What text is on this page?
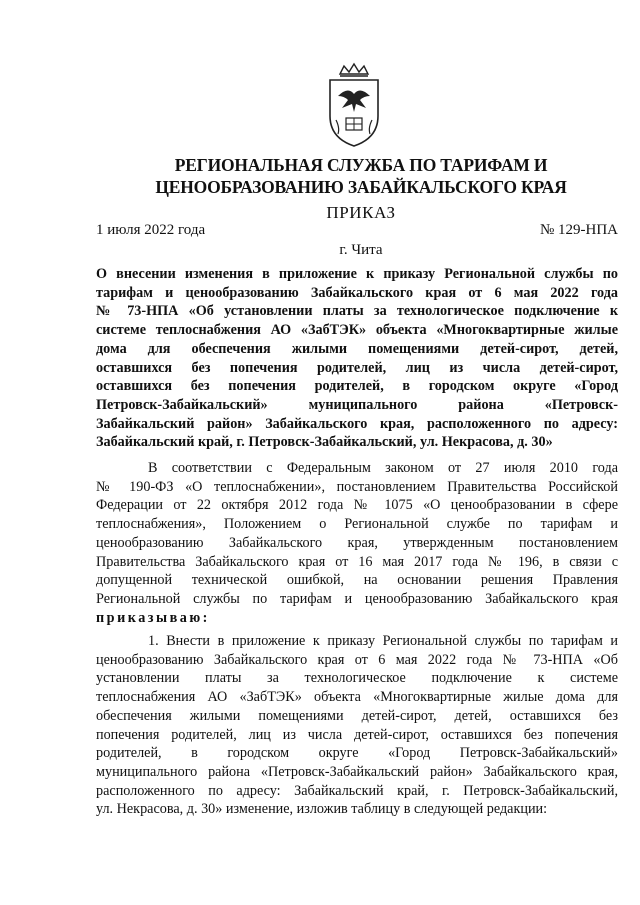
РЕГИОНАЛЬНАЯ СЛУЖБА ПО ТАРИФАМ И
ЦЕНООБРАЗОВАНИЮ ЗАБАЙКАЛЬСКОГО КРАЯ
ПРИКАЗ
1 июля 2022 года	№ 129-НПА
г. Чита
О внесении изменения в приложение к приказу Региональной службы по
тарифам и ценообразованию Забайкальского края от 6 мая 2022 года
№ 73-НПА «Об установлении платы за технологическое подключение к
системе теплоснабжения АО «ЗабТЭК» объекта «Многоквартирные жилые
дома для обеспечения жилыми помещениями детей-сирот, детей,
оставшихся без попечения родителей, лиц из числа детей-сирот,
оставшихся без попечения родителей, в городском округе «Город
Петровск-Забайкальский» муниципального района «Петровск-
Забайкальский район» Забайкальского края, расположенного по адресу:
Забайкальский край, г. Петровск-Забайкальский, ул. Некрасова, д. 30»
В соответствии с Федеральным законом от 27 июля 2010 года
№ 190-ФЗ «О теплоснабжении», постановлением Правительства Российской
Федерации от 22 октября 2012 года № 1075 «О ценообразовании в сфере
теплоснабжения», Положением о Региональной службе по тарифам и
ценообразованию Забайкальского края, утвержденным постановлением
Правительства Забайкальского края от 16 мая 2017 года № 196, в связи с
допущенной технической ошибкой, на основании решения Правления
Региональной службы по тарифам и ценообразованию Забайкальского края
приказываю:
1. Внести в приложение к приказу Региональной службы по тарифам и
ценообразованию Забайкальского края от 6 мая 2022 года № 73-НПА «Об
установлении платы за технологическое подключение к системе
теплоснабжения АО «ЗабТЭК» объекта «Многоквартирные жилые дома для
обеспечения жилыми помещениями детей-сирот, детей, оставшихся без
попечения родителей, лиц из числа детей-сирот, оставшихся без попечения
родителей, в городском округе «Город Петровск-Забайкальский»
муниципального района «Петровск-Забайкальский район» Забайкальского края,
расположенного по адресу: Забайкальский край, г. Петровск-Забайкальский,
ул. Некрасова, д. 30» изменение, изложив таблицу в следующей редакции:
